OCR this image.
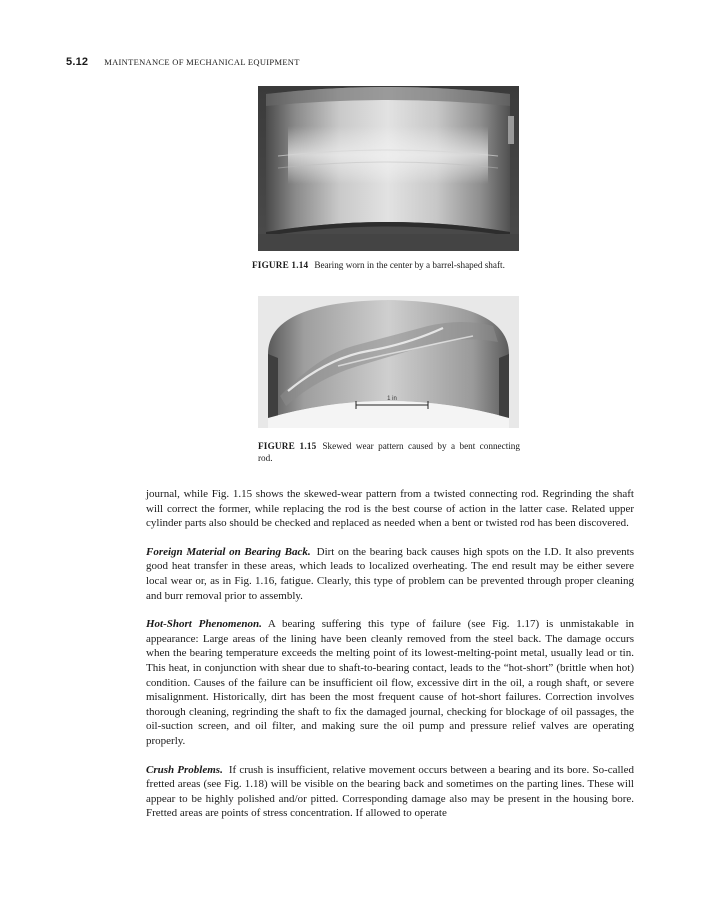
5.12 MAINTENANCE OF MECHANICAL EQUIPMENT
FIGURE 1.14 Bearing worn in the center by a barrel-shaped shaft.
1 in
FIGURE 1.15 Skewed wear pattern caused by a bent connecting rod.

journal, while Fig. 1.15 shows the skewed-wear pattern from a twisted connecting rod. Regrinding the shaft will correct the former, while replacing the rod is the best course of action in the latter case. Related upper cylinder parts also should be checked and replaced as needed when a bent or twisted rod has been discovered.

Foreign Material on Bearing Back. Dirt on the bearing back causes high spots on the I.D. It also prevents good heat transfer in these areas, which leads to localized overheating. The end result may be either severe local wear or, as in Fig. 1.16, fatigue. Clearly, this type of problem can be prevented through proper cleaning and burr removal prior to assembly.

Hot-Short Phenomenon. A bearing suffering this type of failure (see Fig. 1.17) is unmistakable in appearance: Large areas of the lining have been cleanly removed from the steel back. The damage occurs when the bearing temperature exceeds the melting point of its lowest-melting-point metal, usually lead or tin. This heat, in conjunction with shear due to shaft-to-bearing contact, leads to the “hot-short” (brittle when hot) condition. Causes of the failure can be insufficient oil flow, excessive dirt in the oil, a rough shaft, or severe misalignment. Historically, dirt has been the most frequent cause of hot-short failures. Correction involves thorough cleaning, regrinding the shaft to fix the damaged journal, checking for blockage of oil passages, the oil-suction screen, and oil filter, and making sure the oil pump and pressure relief valves are operating properly.

Crush Problems. If crush is insufficient, relative movement occurs between a bearing and its bore. So-called fretted areas (see Fig. 1.18) will be visible on the bearing back and sometimes on the parting lines. These will appear to be highly polished and/or pitted. Corresponding damage also may be present in the housing bore. Fretted areas are points of stress concentration. If allowed to operate
